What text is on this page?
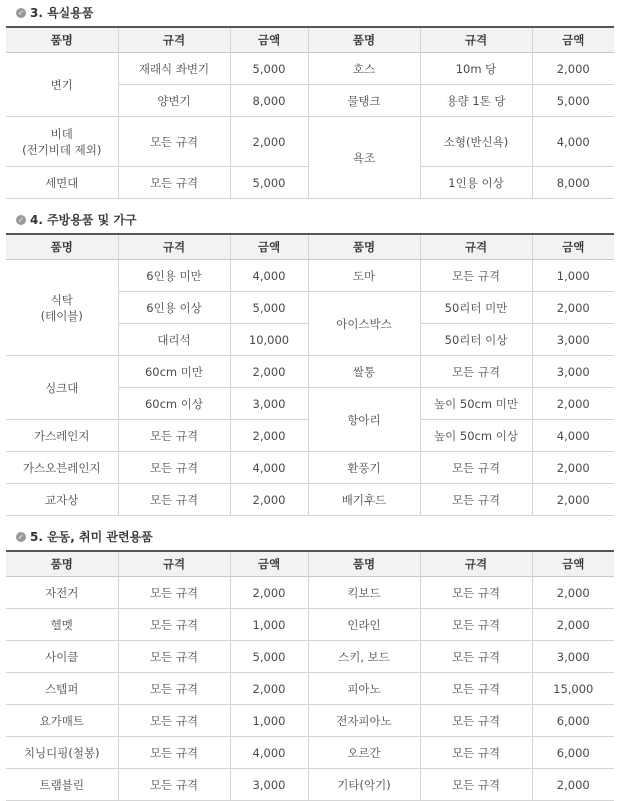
✓ 3. 욕실용품
품명	규격	금액	품명	규격	금액
변기	재래식 좌변기	5,000	호스	10m 당	2,000
	양변기	8,000	물탱크	용량 1톤 당	5,000
비데
(전기비데 제외)	모든 규격	2,000	욕조	소형(반신욕)	4,000
세면대	모든 규격	5,000		1인용 이상	8,000
✓ 4. 주방용품 및 가구
품명	규격	금액	품명	규격	금액
식탁
(테이블)	6인용 미만	4,000	도마	모든 규격	1,000
	6인용 이상	5,000	아이스박스	50리터 미만	2,000
	대리석	10,000		50리터 이상	3,000
싱크대	60cm 미만	2,000	쌀통	모든 규격	3,000
	60cm 이상	3,000	항아리	높이 50cm 미만	2,000
가스레인지	모든 규격	2,000		높이 50cm 이상	4,000
가스오븐레인지	모든 규격	4,000	환풍기	모든 규격	2,000
교자상	모든 규격	2,000	배기후드	모든 규격	2,000
✓ 5. 운동, 취미 관련용품
품명	규격	금액	품명	규격	금액
자전거	모든 규격	2,000	킥보드	모든 규격	2,000
헬멧	모든 규격	1,000	인라인	모든 규격	2,000
사이클	모든 규격	5,000	스키, 보드	모든 규격	3,000
스텝퍼	모든 규격	2,000	피아노	모든 규격	15,000
요가매트	모든 규격	1,000	전자피아노	모든 규격	6,000
치닝디핑(철봉)	모든 규격	4,000	오르간	모든 규격	6,000
트램블린	모든 규격	3,000	기타(악기)	모든 규격	2,000
